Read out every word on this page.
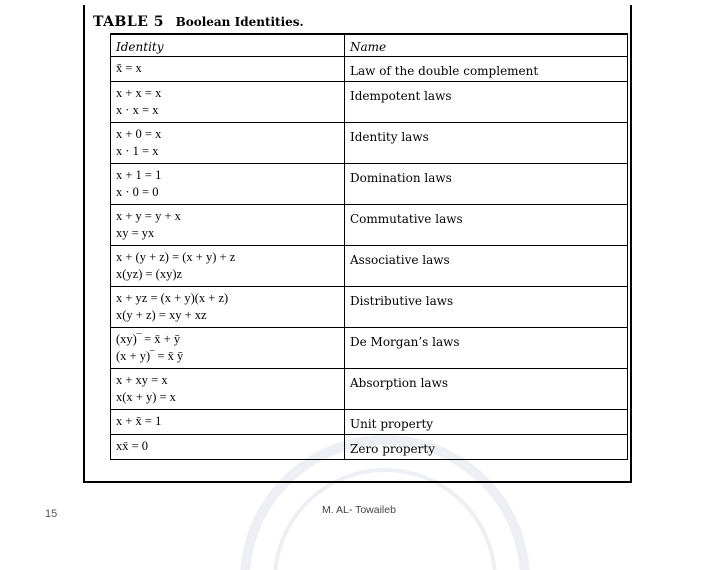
TABLE 5 Boolean Identities.
Identity	Name

x̄̄ = x	Law of the double complement

x + x = x
x · x = x	Idempotent laws

x + 0 = x
x · 1 = x	Identity laws

x + 1 = 1
x · 0 = 0	Domination laws

x + y = y + x
xy = yx	Commutative laws

x + (y + z) = (x + y) + z
x(yz) = (xy)z	Associative laws

x + yz = (x + y)(x + z)
x(y + z) = xy + xz	Distributive laws

(xy)‾ = x̄ + ȳ
(x + y)‾ = x̄ ȳ	De Morgan’s laws

x + xy = x
x(x + y) = x	Absorption laws

x + x̄ = 1	Unit property

xx̄ = 0	Zero property
15	M. AL- Towaileb
